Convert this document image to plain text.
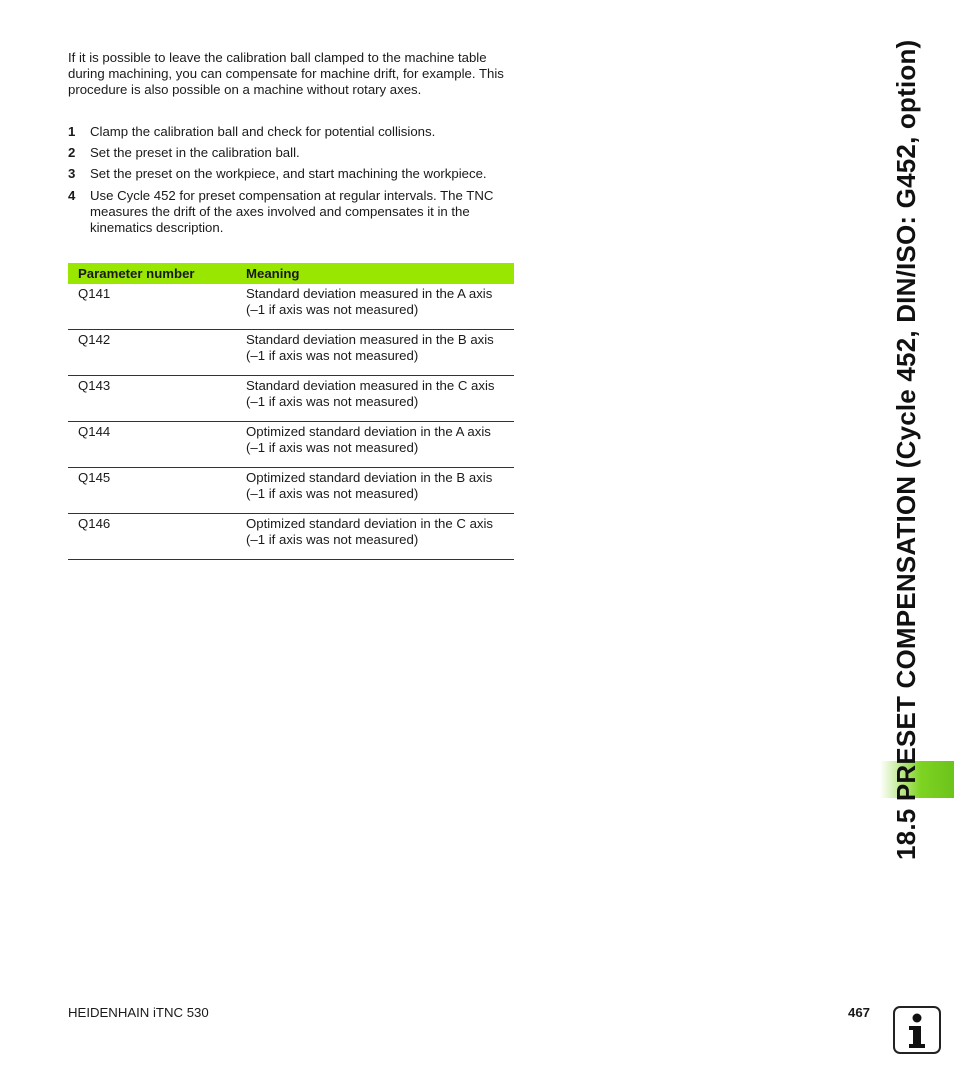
If it is possible to leave the calibration ball clamped to the machine table during machining, you can compensate for machine drift, for example. This procedure is also possible on a machine without rotary axes.

1 Clamp the calibration ball and check for potential collisions.
2 Set the preset in the calibration ball.
3 Set the preset on the workpiece, and start machining the workpiece.
4 Use Cycle 452 for preset compensation at regular intervals. The TNC measures the drift of the axes involved and compensates it in the kinematics description.
Parameter number	Meaning
Q141	Standard deviation measured in the A axis
(–1 if axis was not measured)

Q142	Standard deviation measured in the B axis
(–1 if axis was not measured)

Q143	Standard deviation measured in the C axis
(–1 if axis was not measured)

Q144	Optimized standard deviation in the A axis
(–1 if axis was not measured)

Q145	Optimized standard deviation in the B axis
(–1 if axis was not measured)

Q146	Optimized standard deviation in the C axis
(–1 if axis was not measured)	18.5 PRESET COMPENSATION (Cycle 452, DIN/ISO: G452, option)
HEIDENHAIN iTNC 530	467
